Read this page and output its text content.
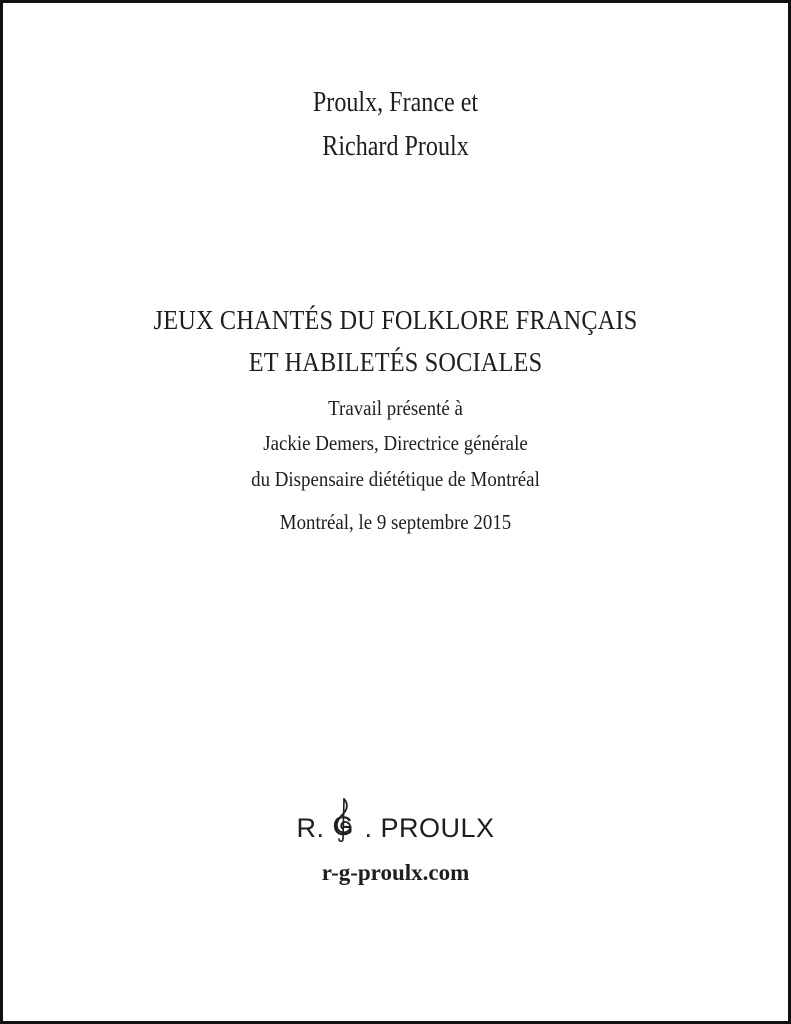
Proulx, France et
Richard Proulx
JEUX CHANTÉS DU FOLKLORE FRANÇAIS
ET HABILETÉS SOCIALES
Travail présenté à
Jackie Demers, Directrice générale
du Dispensaire diététique de Montréal
Montréal, le 9 septembre 2015
R. G . PROULX
r-g-proulx.com
